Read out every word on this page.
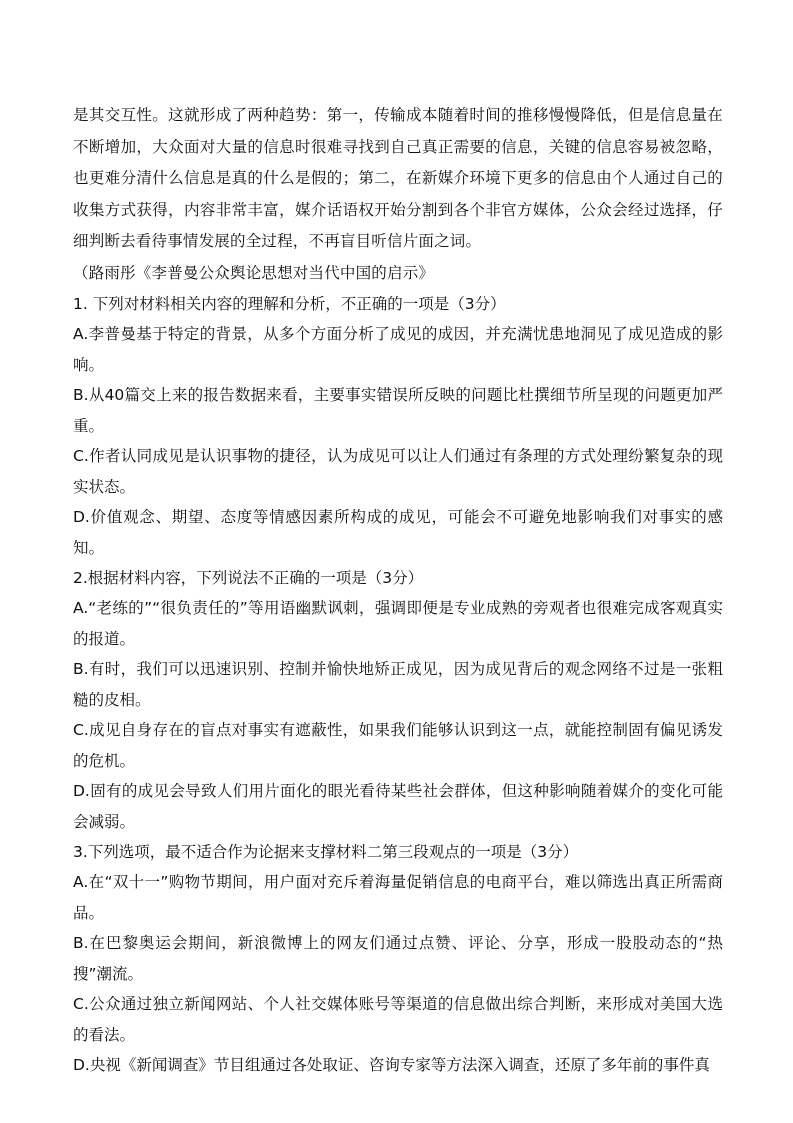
是其交互性。这就形成了两种趋势：第一，传输成本随着时间的推移慢慢降低，但是信息量在不断增加，大众面对大量的信息时很难寻找到自己真正需要的信息，关键的信息容易被忽略，也更难分清什么信息是真的什么是假的；第二，在新媒介环境下更多的信息由个人通过自己的收集方式获得，内容非常丰富，媒介话语权开始分割到各个非官方媒体，公众会经过选择，仔细判断去看待事情发展的全过程，不再盲目听信片面之词。

（路雨彤《李普曼公众舆论思想对当代中国的启示》

1. 下列对材料相关内容的理解和分析，不正确的一项是（3分）

A.李普曼基于特定的背景，从多个方面分析了成见的成因，并充满忧患地洞见了成见造成的影响。

B.从40篇交上来的报告数据来看，主要事实错误所反映的问题比杜撰细节所呈现的问题更加严重。

C.作者认同成见是认识事物的捷径，认为成见可以让人们通过有条理的方式处理纷繁复杂的现实状态。

D.价值观念、期望、态度等情感因素所构成的成见，可能会不可避免地影响我们对事实的感知。

2.根据材料内容，下列说法不正确的一项是（3分）

A.“老练的”“很负责任的”等用语幽默讽刺，强调即便是专业成熟的旁观者也很难完成客观真实的报道。

B.有时，我们可以迅速识别、控制并愉快地矫正成见，因为成见背后的观念网络不过是一张粗糙的皮相。

C.成见自身存在的盲点对事实有遮蔽性，如果我们能够认识到这一点，就能控制固有偏见诱发的危机。

D.固有的成见会导致人们用片面化的眼光看待某些社会群体，但这种影响随着媒介的变化可能会减弱。

3.下列选项，最不适合作为论据来支撑材料二第三段观点的一项是（3分）

A.在“双十一”购物节期间，用户面对充斥着海量促销信息的电商平台，难以筛选出真正所需商品。

B.在巴黎奥运会期间，新浪微博上的网友们通过点赞、评论、分享，形成一股股动态的“热搜”潮流。

C.公众通过独立新闻网站、个人社交媒体账号等渠道的信息做出综合判断，来形成对美国大选的看法。

D.央视《新闻调查》节目组通过各处取证、咨询专家等方法深入调查，还原了多年前的事件真
